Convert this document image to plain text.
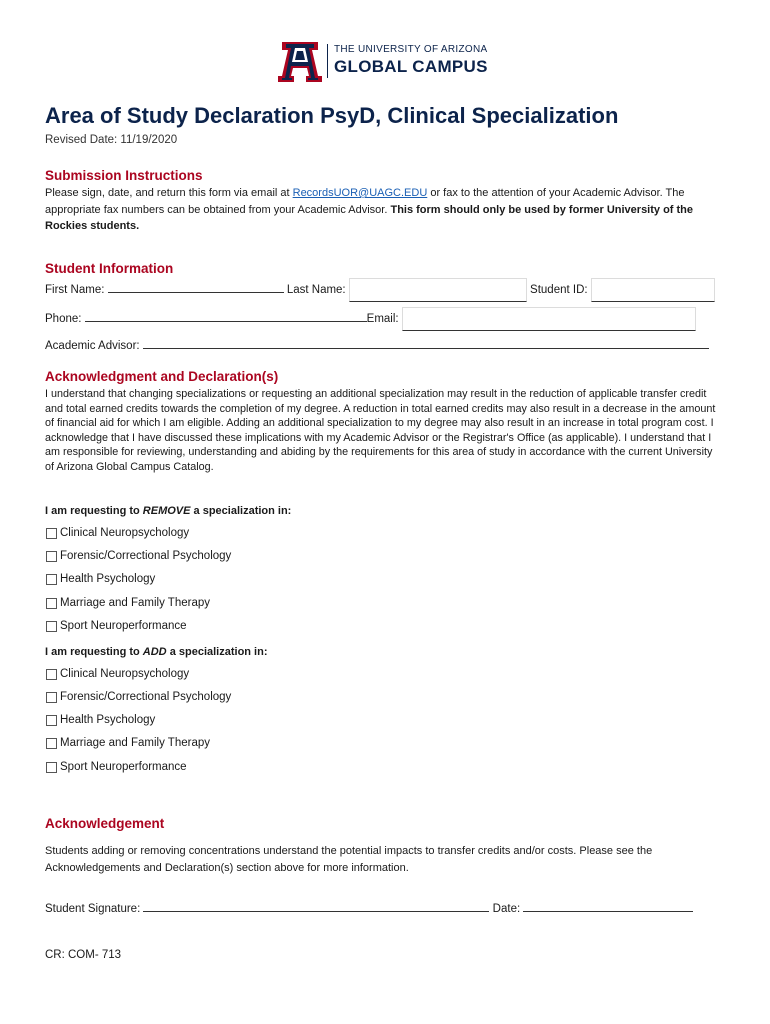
THE UNIVERSITY OF ARIZONA
GLOBAL CAMPUS
Area of Study Declaration PsyD, Clinical Specialization
Revised Date: 11/19/2020
Submission Instructions
Please sign, date, and return this form via email at RecordsUOR@UAGC.EDU or fax to the attention of your Academic Advisor. The appropriate fax numbers can be obtained from your Academic Advisor. This form should only be used by former University of the Rockies students.
Student Information
First Name:	Last Name:	Student ID:
Phone:	Email:
Academic Advisor:
Acknowledgment and Declaration(s)
I understand that changing specializations or requesting an additional specialization may result in the reduction of applicable transfer credit and total earned credits towards the completion of my degree. A reduction in total earned credits may also result in a decrease in the amount of financial aid for which I am eligible. Adding an additional specialization to my degree may also result in an increase in total program cost. I acknowledge that I have discussed these implications with my Academic Advisor or the Registrar's Office (as applicable). I understand that I am responsible for reviewing, understanding and abiding by the requirements for this area of study in accordance with the current University of Arizona Global Campus Catalog.
I am requesting to REMOVE a specialization in:
Clinical Neuropsychology
Forensic/Correctional Psychology
Health Psychology
Marriage and Family Therapy
Sport Neuroperformance
I am requesting to ADD a specialization in:
Clinical Neuropsychology
Forensic/Correctional Psychology
Health Psychology
Marriage and Family Therapy
Sport Neuroperformance
Acknowledgement
Students adding or removing concentrations understand the potential impacts to transfer credits and/or costs. Please see the Acknowledgements and Declaration(s) section above for more information.
Student Signature:	Date:
CR: COM- 713
